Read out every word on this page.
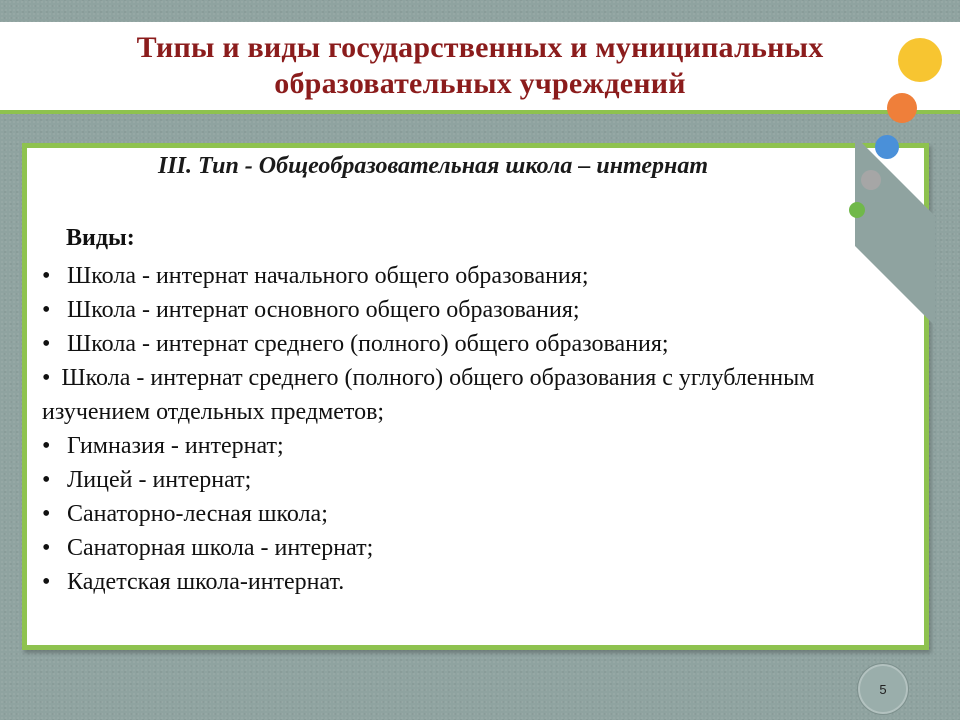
Типы и виды государственных и муниципальных
образовательных учреждений
III. Тип - Общеобразовательная школа – интернат
Виды:
• Школа - интернат начального общего образования;
• Школа - интернат основного общего образования;
• Школа - интернат среднего (полного) общего образования;
• Школа - интернат среднего (полного) общего образования с углубленным изучением отдельных предметов;
• Гимназия - интернат;
• Лицей - интернат;
• Санаторно-лесная школа;
• Санаторная школа - интернат;
• Кадетская школа-интернат.
5
